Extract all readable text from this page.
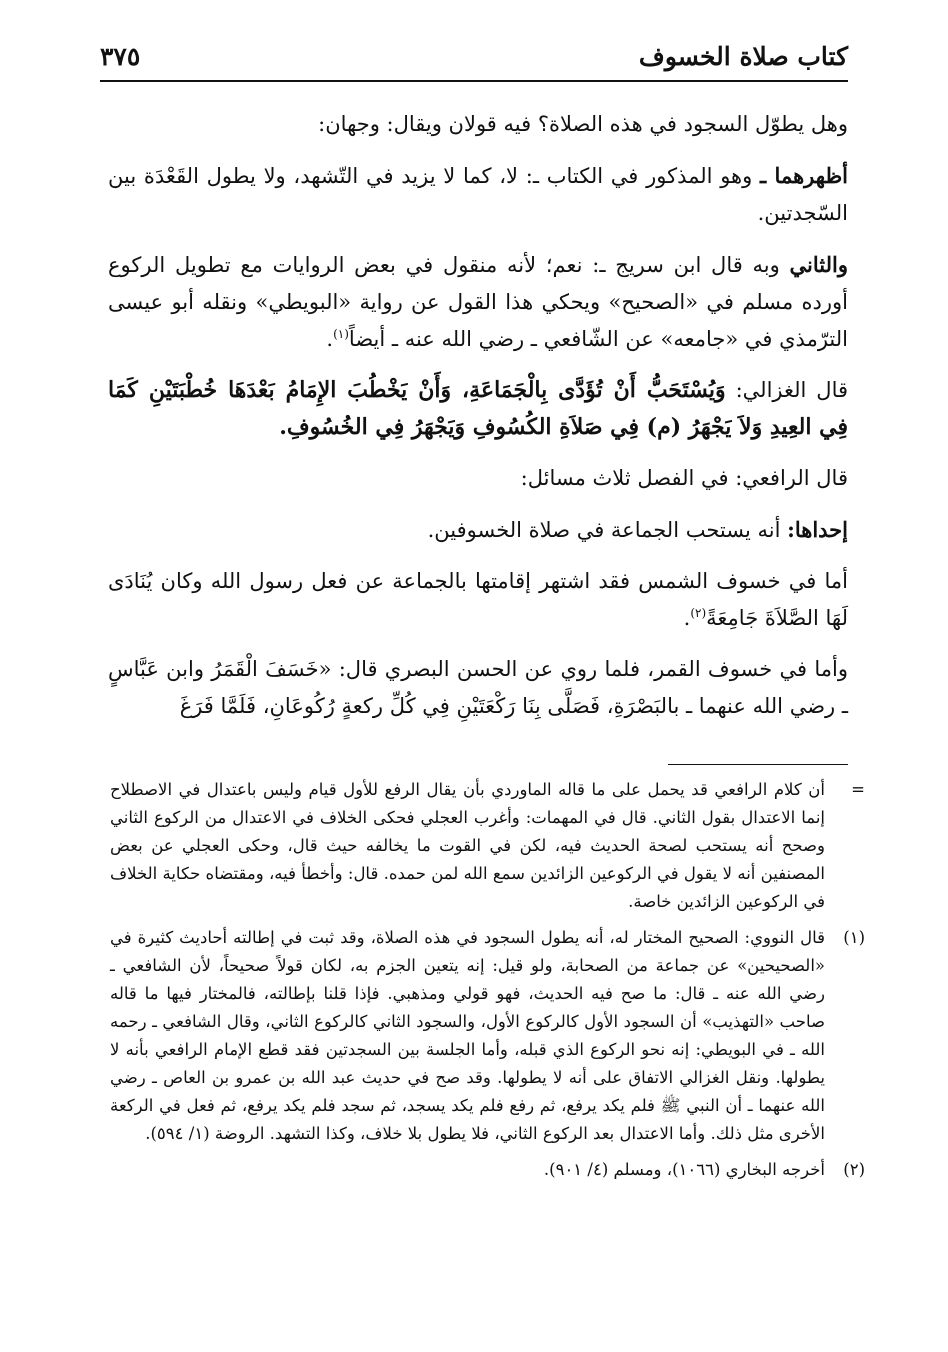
كتاب صلاة الخسوف
٣٧٥

وهل يطوّل السجود في هذه الصلاة؟ فيه قولان ويقال: وجهان:

أظهرهما ـ وهو المذكور في الكتاب ـ: لا، كما لا يزيد في التّشهد، ولا يطول القَعْدَة بين السّجدتين.

والثاني وبه قال ابن سريج ـ: نعم؛ لأنه منقول في بعض الروايات مع تطويل الركوع أورده مسلم في «الصحيح» ويحكي هذا القول عن رواية «البويطي» ونقله أبو عيسى الترّمذي في «جامعه» عن الشّافعي ـ رضي الله عنه ـ أيضاً$^{(١)}$.

قال الغزالي: وَيُسْتَحَبُّ أَنْ تُؤَدَّى بِالْجَمَاعَةِ، وَأَنْ يَخْطُبَ الإِمَامُ بَعْدَهَا خُطْبَتَيْنِ كَمَا فِي العِيدِ وَلاَ يَجْهَرُ (م) فِي صَلاَةِ الكُسُوفِ وَيَجْهَرُ فِي الخُسُوفِ.

قال الرافعي: في الفصل ثلاث مسائل:

إحداها: أنه يستحب الجماعة في صلاة الخسوفين.

أما في خسوف الشمس فقد اشتهر إقامتها بالجماعة عن فعل رسول الله وكان يُنَادَى لَهَا الصَّلاَةَ جَامِعَةً$^{(٢)}$.

وأما في خسوف القمر، فلما روي عن الحسن البصري قال: «خَسَفَ الْقَمَرُ وابن عَبَّاسٍ ـ رضي الله عنهما ـ بالبَصْرَةِ، فَصَلَّى بِنَا رَكْعَتَيْنِ فِي كُلِّ ركعةٍ رُكُوعَانِ، فَلَمَّا فَرَغَ

=
أن كلام الرافعي قد يحمل على ما قاله الماوردي بأن يقال الرفع للأول قيام وليس باعتدال في الاصطلاح إنما الاعتدال بقول الثاني. قال في المهمات: وأغرب العجلي فحكى الخلاف في الاعتدال من الركوع الثاني وصحح أنه يستحب لصحة الحديث فيه، لكن في القوت ما يخالفه حيث قال، وحكى العجلي عن بعض المصنفين أنه لا يقول في الركوعين الزائدين سمع الله لمن حمده. قال: وأخطأ فيه، ومقتضاه حكاية الخلاف في الركوعين الزائدين خاصة.
(١)
قال النووي: الصحيح المختار له، أنه يطول السجود في هذه الصلاة، وقد ثبت في إطالته أحاديث كثيرة في «الصحيحين» عن جماعة من الصحابة، ولو قيل: إنه يتعين الجزم به، لكان قولاً صحيحاً، لأن الشافعي ـ رضي الله عنه ـ قال: ما صح فيه الحديث، فهو قولي ومذهبي. فإذا قلنا بإطالته، فالمختار فيها ما قاله صاحب «التهذيب» أن السجود الأول كالركوع الأول، والسجود الثاني كالركوع الثاني، وقال الشافعي ـ رحمه الله ـ في البويطي: إنه نحو الركوع الذي قبله، وأما الجلسة بين السجدتين فقد قطع الإمام الرافعي بأنه لا يطولها. ونقل الغزالي الاتفاق على أنه لا يطولها. وقد صح في حديث عبد الله بن عمرو بن العاص ـ رضي الله عنهما ـ أن النبي ﷺ فلم يكد يرفع، ثم رفع فلم يكد يسجد، ثم سجد فلم يكد يرفع، ثم فعل في الركعة الأخرى مثل ذلك. وأما الاعتدال بعد الركوع الثاني، فلا يطول بلا خلاف، وكذا التشهد. الروضة (١/ ٥٩٤).
(٢)
أخرجه البخاري (١٠٦٦)، ومسلم (٤/ ٩٠١).
